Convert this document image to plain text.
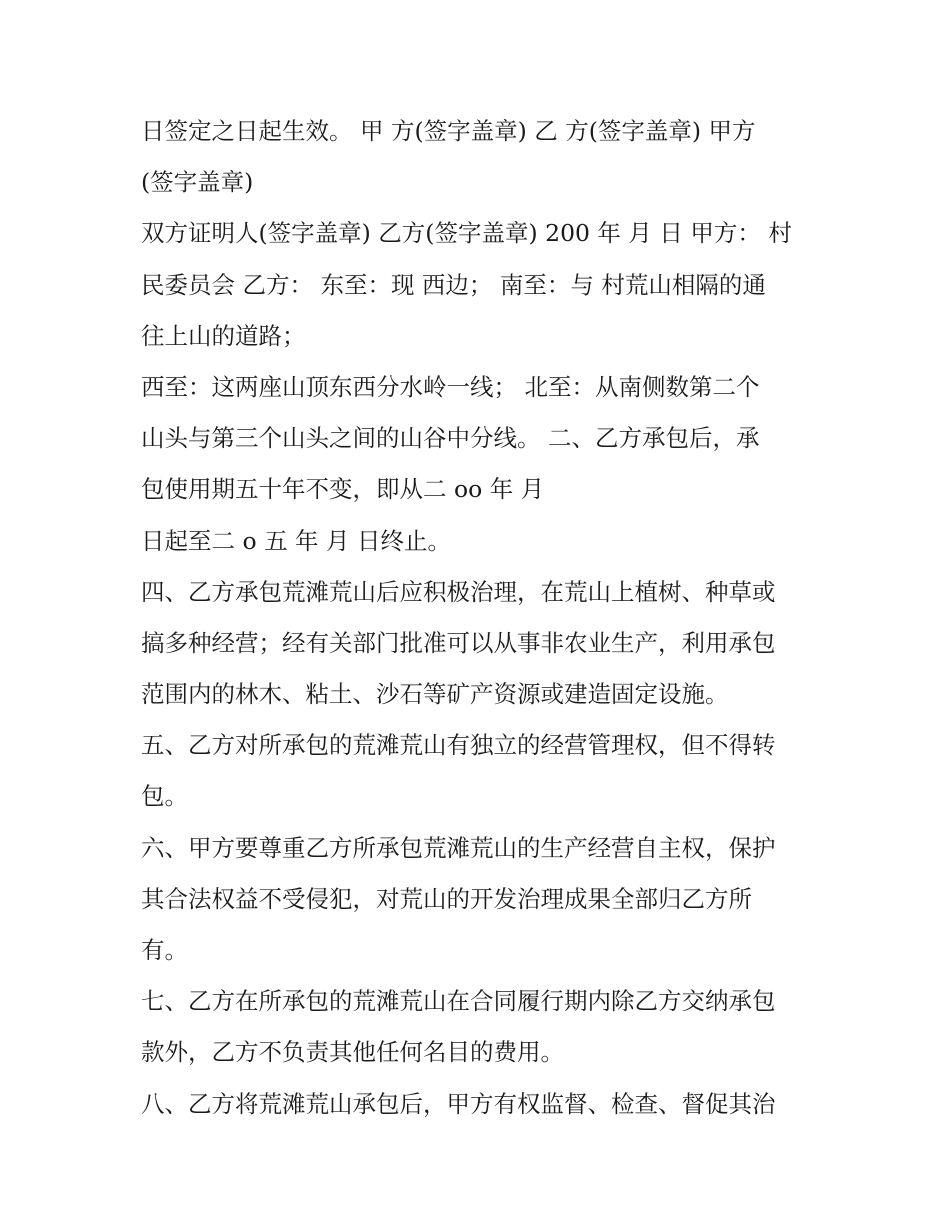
日签定之日起生效。 甲 方(签字盖章) 乙 方(签字盖章) 甲方
(签字盖章)
双方证明人(签字盖章) 乙方(签字盖章) 200 年 月 日 甲方： 村
民委员会 乙方： 东至：现 西边； 南至：与 村荒山相隔的通
往上山的道路；
西至：这两座山顶东西分水岭一线； 北至：从南侧数第二个
山头与第三个山头之间的山谷中分线。 二、乙方承包后，承
包使用期五十年不变，即从二 oo 年 月
日起至二 o 五 年 月 日终止。
四、乙方承包荒滩荒山后应积极治理，在荒山上植树、种草或
搞多种经营；经有关部门批准可以从事非农业生产，利用承包
范围内的林木、粘土、沙石等矿产资源或建造固定设施。
五、乙方对所承包的荒滩荒山有独立的经营管理权，但不得转
包。
六、甲方要尊重乙方所承包荒滩荒山的生产经营自主权，保护
其合法权益不受侵犯，对荒山的开发治理成果全部归乙方所
有。
七、乙方在所承包的荒滩荒山在合同履行期内除乙方交纳承包
款外，乙方不负责其他任何名目的费用。
八、乙方将荒滩荒山承包后，甲方有权监督、检查、督促其治
